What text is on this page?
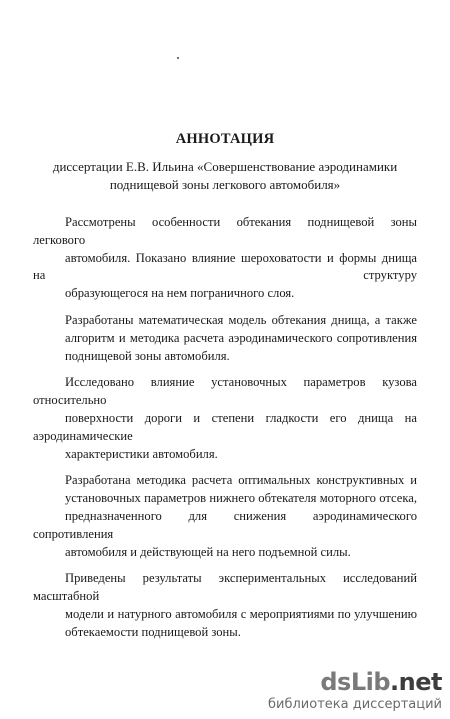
АННОТАЦИЯ
диссертации Е.В. Ильина «Совершенствование аэродинамики
поднищевой зоны легкового автомобиля»
Рассмотрены особенности обтекания поднищевой зоны легкового
автомобиля. Показано влияние шероховатости и формы днища на структуру
образующегося на нем пограничного слоя.
Разработаны математическая модель обтекания днища, а также
алгоритм и методика расчета аэродинамического сопротивления
поднищевой зоны автомобиля.
Исследовано влияние установочных параметров кузова относительно
поверхности дороги и степени гладкости его днища на аэродинамические
характеристики автомобиля.
Разработана методика расчета оптимальных конструктивных и
установочных параметров нижнего обтекателя моторного отсека,
предназначенного для снижения аэродинамического сопротивления
автомобиля и действующей на него подъемной силы.
Приведены результаты экспериментальных исследований масштабной
модели и натурного автомобиля с мероприятиями по улучшению
обтекаемости поднищевой зоны.
dsLib.net
библиотека диссертаций
